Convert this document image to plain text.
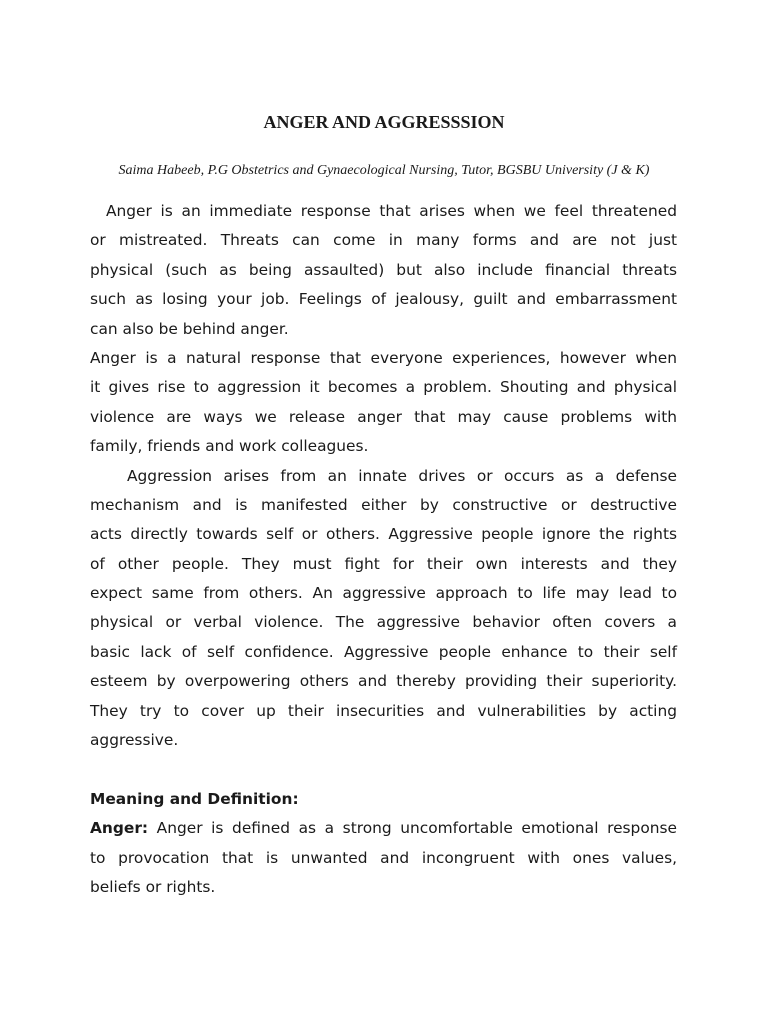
ANGER AND AGGRESSSION
Saima Habeeb, P.G Obstetrics and Gynaecological Nursing, Tutor, BGSBU University (J & K)
Anger is an immediate response that arises when we feel threatened
or mistreated. Threats can come in many forms and are not just
physical (such as being assaulted) but also include financial threats
such as losing your job. Feelings of jealousy, guilt and embarrassment
can also be behind anger.
Anger is a natural response that everyone experiences, however when
it gives rise to aggression it becomes a problem. Shouting and physical
violence are ways we release anger that may cause problems with
family, friends and work colleagues.
Aggression arises from an innate drives or occurs as a defense
mechanism and is manifested either by constructive or destructive
acts directly towards self or others. Aggressive people ignore the rights
of other people. They must fight for their own interests and they
expect same from others. An aggressive approach to life may lead to
physical or verbal violence. The aggressive behavior often covers a
basic lack of self confidence. Aggressive people enhance to their self
esteem by overpowering others and thereby providing their superiority.
They try to cover up their insecurities and vulnerabilities by acting
aggressive.
Meaning and Definition:
Anger: Anger is defined as a strong uncomfortable emotional response
to provocation that is unwanted and incongruent with ones values,
beliefs or rights.
